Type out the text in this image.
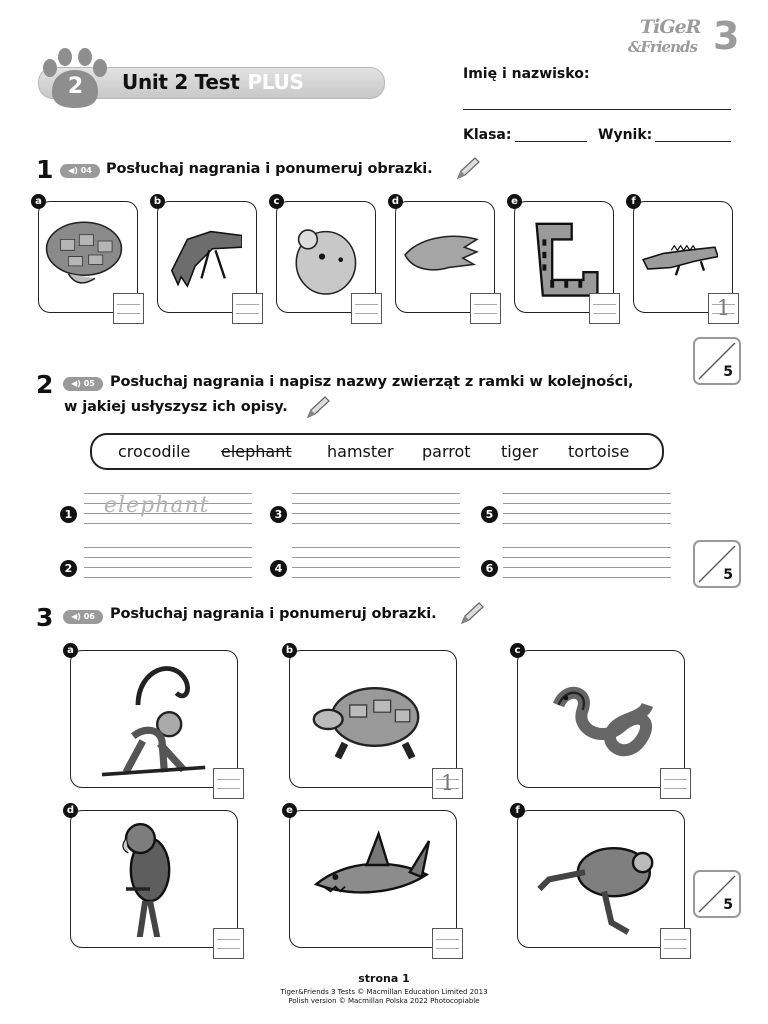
2	Unit 2 Test PLUS
TiGeR
&Friends 3
Imię i nazwisko:
Klasa:	Wynik:
1	◀) 04 Posłuchaj nagrania i ponumeruj obrazki.
a	b	c	d	e	f
1
5
2	◀) 05	Posłuchaj nagrania i napisz nazwy zwierząt z ramki w kolejności,
w jakiej usłyszysz ich opisy.
crocodile elephant hamster parrot tiger tortoise
1
2
3
4
5
6
elephant
5
3	◀) 06	Posłuchaj nagrania i ponumeruj obrazki.
a	b
1
c
d	e	f
5
strona 1
Tiger&Friends 3 Tests © Macmillan Education Limited 2013
Polish version © Macmillan Polska 2022 Photocopiable
